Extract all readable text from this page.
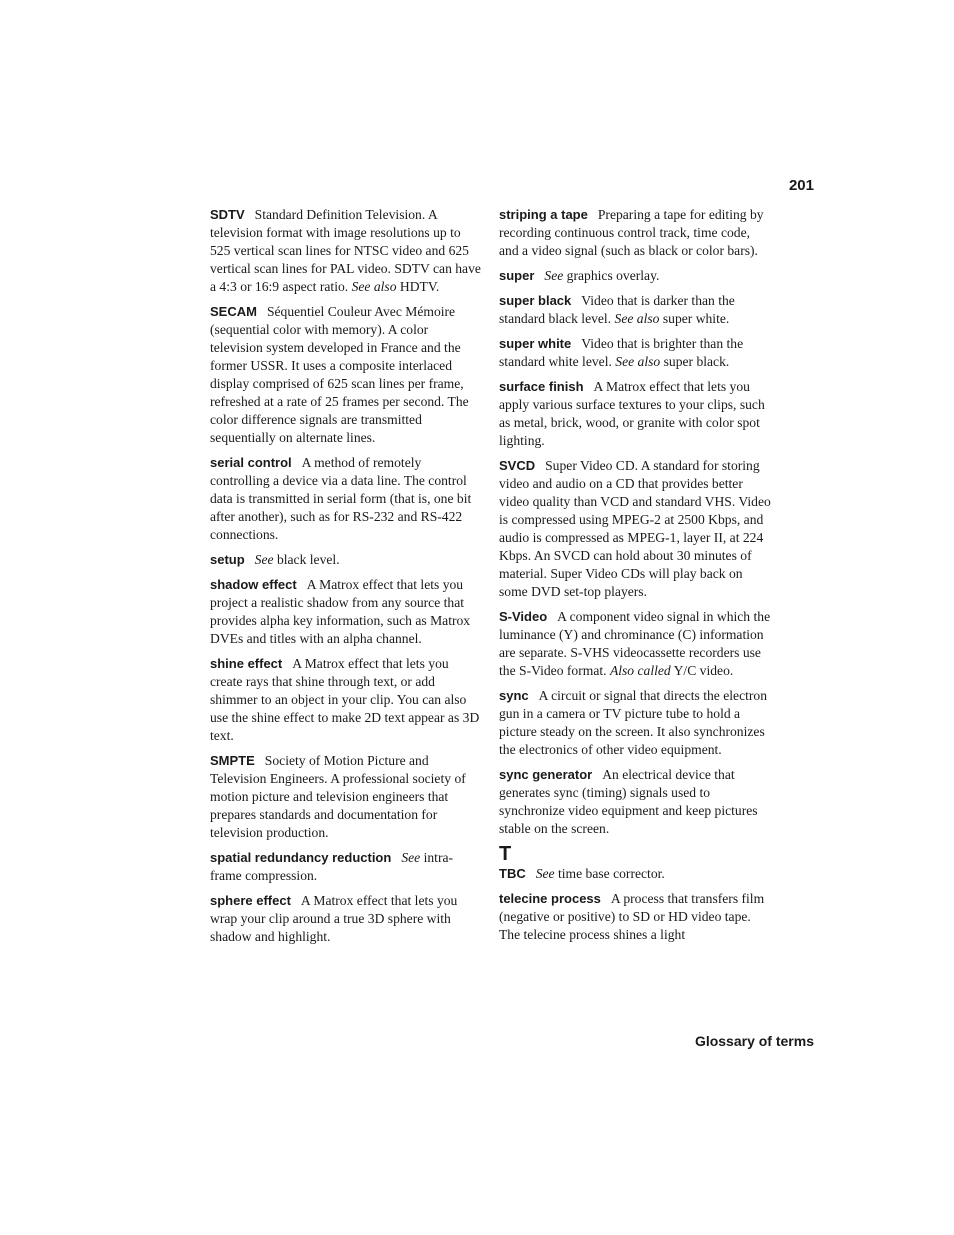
201

SDTV Standard Definition Television. A television format with image resolutions up to 525 vertical scan lines for NTSC video and 625 vertical scan lines for PAL video. SDTV can have a 4:3 or 16:9 aspect ratio. See also HDTV.

SECAM Séquentiel Couleur Avec Mémoire (sequential color with memory). A color television system developed in France and the former USSR. It uses a composite interlaced display comprised of 625 scan lines per frame, refreshed at a rate of 25 frames per second. The color difference signals are transmitted sequentially on alternate lines.

serial control A method of remotely controlling a device via a data line. The control data is transmitted in serial form (that is, one bit after another), such as for RS-232 and RS-422 connections.

setup See black level.

shadow effect A Matrox effect that lets you project a realistic shadow from any source that provides alpha key information, such as Matrox DVEs and titles with an alpha channel.

shine effect A Matrox effect that lets you create rays that shine through text, or add shimmer to an object in your clip. You can also use the shine effect to make 2D text appear as 3D text.

SMPTE Society of Motion Picture and Television Engineers. A professional society of motion picture and television engineers that prepares standards and documentation for television production.

spatial redundancy reduction See intra-frame compression.

sphere effect A Matrox effect that lets you wrap your clip around a true 3D sphere with shadow and highlight.

striping a tape Preparing a tape for editing by recording continuous control track, time code, and a video signal (such as black or color bars).

super See graphics overlay.

super black Video that is darker than the standard black level. See also super white.

super white Video that is brighter than the standard white level. See also super black.

surface finish A Matrox effect that lets you apply various surface textures to your clips, such as metal, brick, wood, or granite with color spot lighting.

SVCD Super Video CD. A standard for storing video and audio on a CD that provides better video quality than VCD and standard VHS. Video is compressed using MPEG-2 at 2500 Kbps, and audio is compressed as MPEG-1, layer II, at 224 Kbps. An SVCD can hold about 30 minutes of material. Super Video CDs will play back on some DVD set-top players.

S-Video A component video signal in which the luminance (Y) and chrominance (C) information are separate. S-VHS videocassette recorders use the S-Video format. Also called Y/C video.

sync A circuit or signal that directs the electron gun in a camera or TV picture tube to hold a picture steady on the screen. It also synchronizes the electronics of other video equipment.

sync generator An electrical device that generates sync (timing) signals used to synchronize video equipment and keep pictures stable on the screen.

T

TBC See time base corrector.

telecine process A process that transfers film (negative or positive) to SD or HD video tape. The telecine process shines a light

Glossary of terms
